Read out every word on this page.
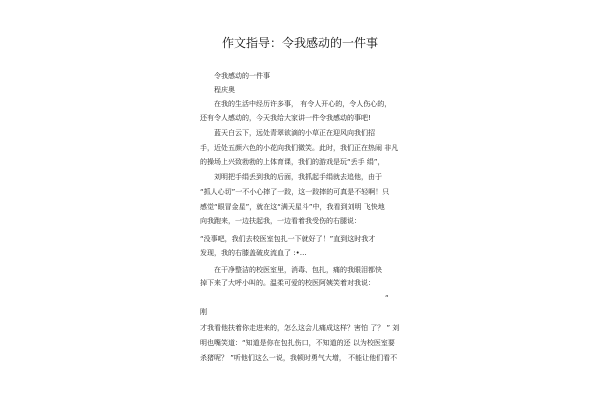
作文指导：令我感动的一件事
令我感动的一件事
程庆奥
在我的生活中经历许多事， 有令人开心的，令人伤心的，
还有令人感动的，今天我给大家讲一件令我感动的事吧!
蓝天白云下，远处青翠欲滴的小草正在迎风向我们招
手，近处五颜六色的小花向我们微笑。此时，我们正在热闹 非凡
的操场上兴致勃勃的上体育课，我们的游戏是玩“丢手 绢”，
刘明把手绢丢到我的后面，我抓起手绢就去追他，由于
“抓人心切”一不小心摔了一跤，这一跤摔的可真是不轻啊！只
感觉“眼冒金星”，就在这“满天星斗”中，我看到刘明 飞快地
向我跑来，一边扶起我，一边看着我受伤的右腿说：
“没事吧，我们去校医室包扎一下就好了！”直到这时我才
发现，我的右膝盖破皮流血了 :•…
在干净整洁的校医室里，消毒、包扎，痛的我眼泪都快
掉下来了大呼小叫的。温柔可爱的校医阿姨笑着对我说：
“
刚
才我看他扶着你走进来的，怎么这会儿痛成这样？害怕 了？ ” 刘
明也嘴笑道：“知道是你在包扎伤口，不知道的还 以为校医室要
杀猪呢？ ”听他们这么一说，我顿时勇气大增， 不能让他们看不
